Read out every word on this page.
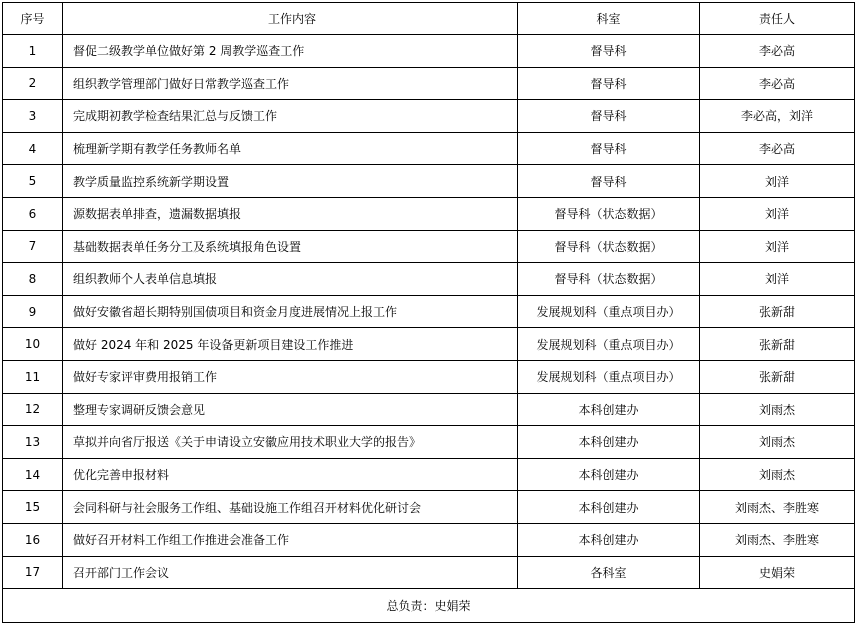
序号	工作内容	科室	责任人
1	督促二级教学单位做好第 2 周教学巡查工作	督导科	李必高
2	组织教学管理部门做好日常教学巡查工作	督导科	李必高
3	完成期初教学检查结果汇总与反馈工作	督导科	李必高，刘洋
4	梳理新学期有教学任务教师名单	督导科	李必高
5	教学质量监控系统新学期设置	督导科	刘洋
6	源数据表单排查，遗漏数据填报	督导科（状态数据）	刘洋
7	基础数据表单任务分工及系统填报角色设置	督导科（状态数据）	刘洋
8	组织教师个人表单信息填报	督导科（状态数据）	刘洋
9	做好安徽省超长期特别国债项目和资金月度进展情况上报工作	发展规划科（重点项目办）	张新甜
10	做好 2024 年和 2025 年设备更新项目建设工作推进	发展规划科（重点项目办）	张新甜
11	做好专家评审费用报销工作	发展规划科（重点项目办）	张新甜
12	整理专家调研反馈会意见	本科创建办	刘雨杰
13	草拟并向省厅报送《关于申请设立安徽应用技术职业大学的报告》	本科创建办	刘雨杰
14	优化完善申报材料	本科创建办	刘雨杰
15	会同科研与社会服务工作组、基础设施工作组召开材料优化研讨会	本科创建办	刘雨杰、李胜寒
16	做好召开材料工作组工作推进会准备工作	本科创建办	刘雨杰、李胜寒
17	召开部门工作会议	各科室	史娟荣
总负责：史娟荣			
